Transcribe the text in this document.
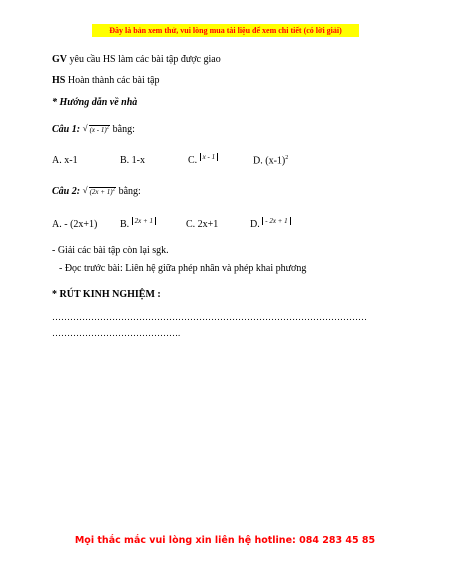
Đây là bản xem thử, vui lòng mua tài liệu để xem chi tiết (có lời giải)
GV yêu cầu HS làm các bài tập được giao
HS Hoàn thành các bài tập
* Hướng dẫn về nhà
Câu 1: √ (x - 1)$^2$ bằng:
A. x-1	B. 1-x	C. $^{x - 1}$	D. $(x-1)^2$
Câu 2: √ $(2x + 1)^2$ bằng:
A. - (2x+1) B. $^{2x + 1}$	C. 2x+1	D. $^{- 2x + 1}$
- Giải các bài tập còn lại sgk.
- Đọc trước bài: Liên hệ giữa phép nhân và phép khai phương
* RÚT KINH NGHIỆM :
……………………………………………………………………………………………
…………………………………….
Mọi thắc mắc vui lòng xin liên hệ hotline: 084 283 45 85
